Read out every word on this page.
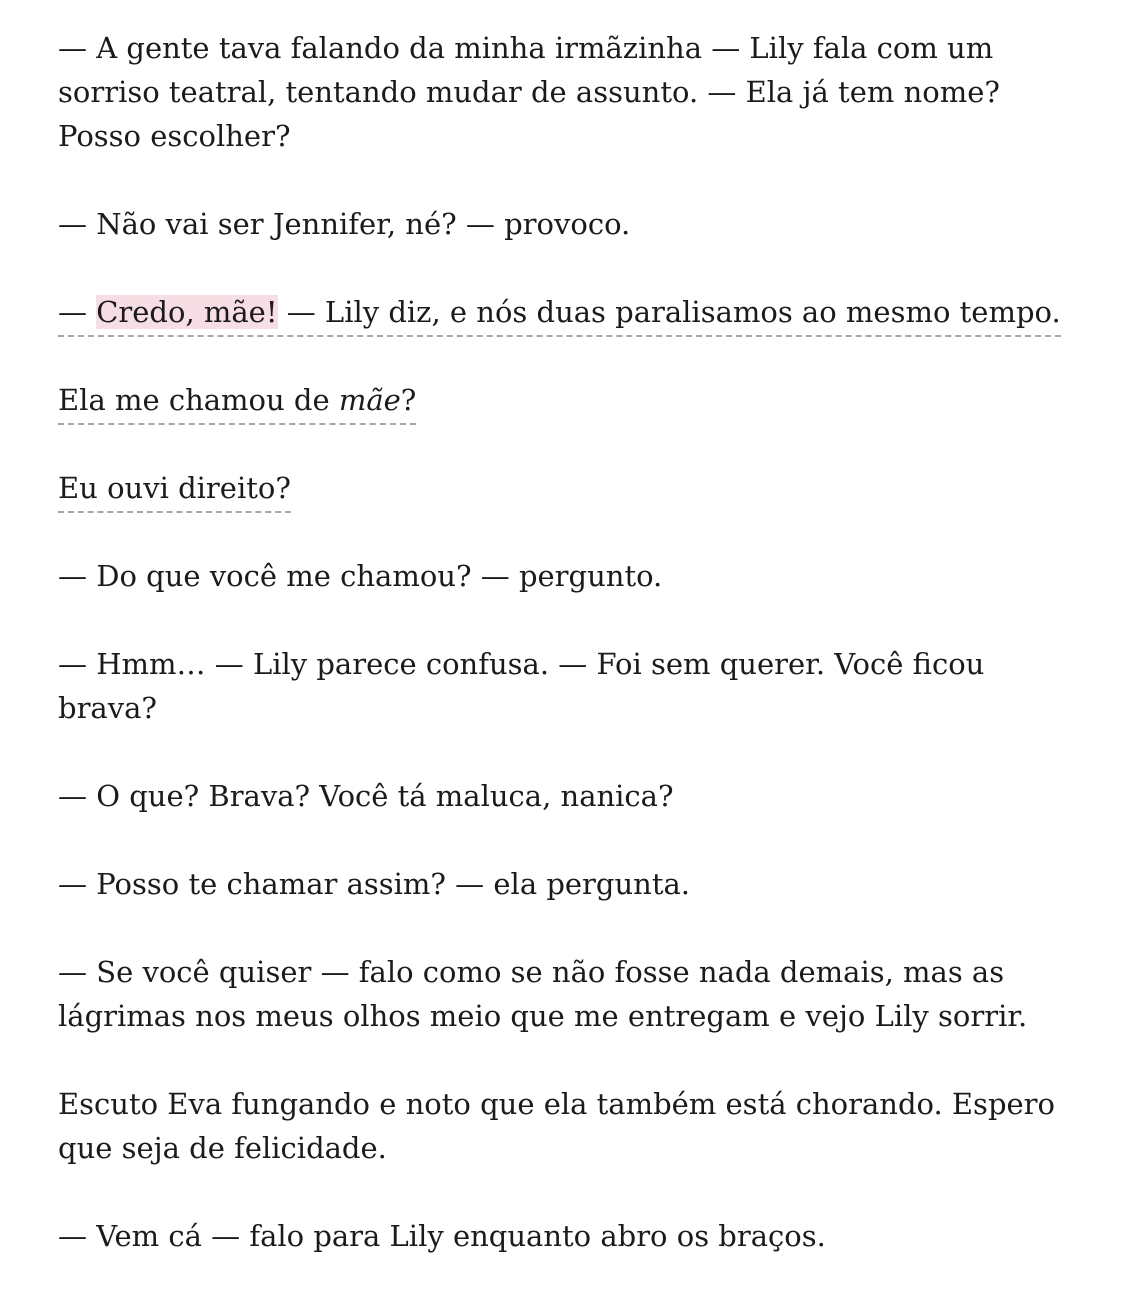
— A gente tava falando da minha irmãzinha — Lily fala com um sorriso teatral, tentando mudar de assunto. — Ela já tem nome? Posso escolher?

— Não vai ser Jennifer, né? — provoco.

— Credo, mãe! — Lily diz, e nós duas paralisamos ao mesmo tempo.

Ela me chamou de mãe?

Eu ouvi direito?

— Do que você me chamou? — pergunto.

— Hmm… — Lily parece confusa. — Foi sem querer. Você ficou brava?

— O que? Brava? Você tá maluca, nanica?

— Posso te chamar assim? — ela pergunta.

— Se você quiser — falo como se não fosse nada demais, mas as lágrimas nos meus olhos meio que me entregam e vejo Lily sorrir.

Escuto Eva fungando e noto que ela também está chorando. Espero que seja de felicidade.

— Vem cá — falo para Lily enquanto abro os braços.
